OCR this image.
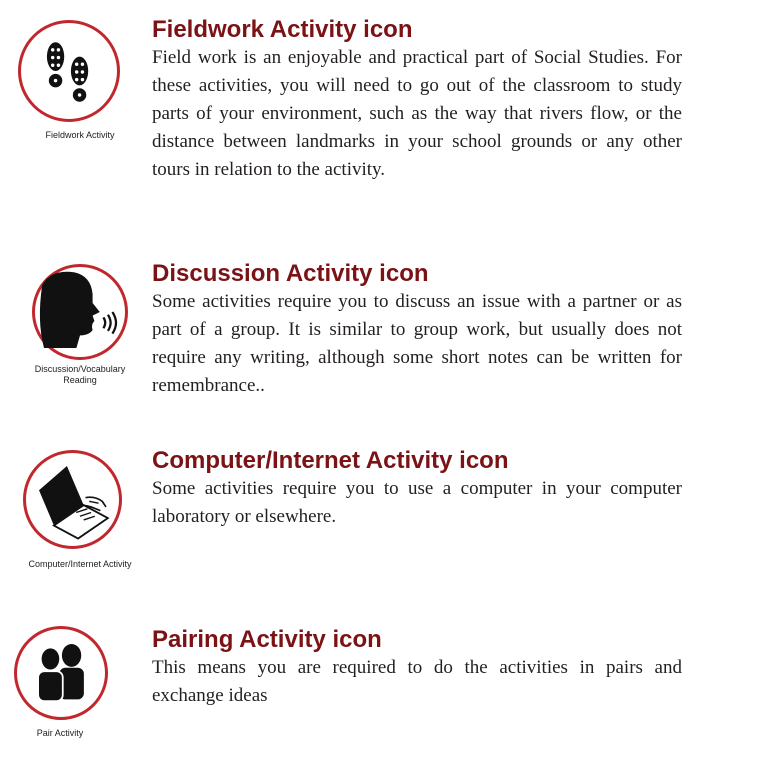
Fieldwork Activity
Fieldwork Activity icon

Field work is an enjoyable and practical part of Social Studies. For these activities, you will need to go out of the classroom to study parts of your environment, such as the way that rivers flow, or the distance between landmarks in your school grounds or any other tours in relation to the activity.

Discussion/Vocabulary
Reading
Discussion Activity icon

Some activities require you to discuss an issue with a partner or as part of a group. It is similar to group work, but usually does not require any writing, although some short notes can be written for remembrance..

Computer/Internet Activity
Computer/Internet Activity icon

Some activities require you to use a computer in your computer laboratory or elsewhere.

Pair Activity
Pairing Activity icon

This means you are required to do the activities in pairs and exchange ideas
